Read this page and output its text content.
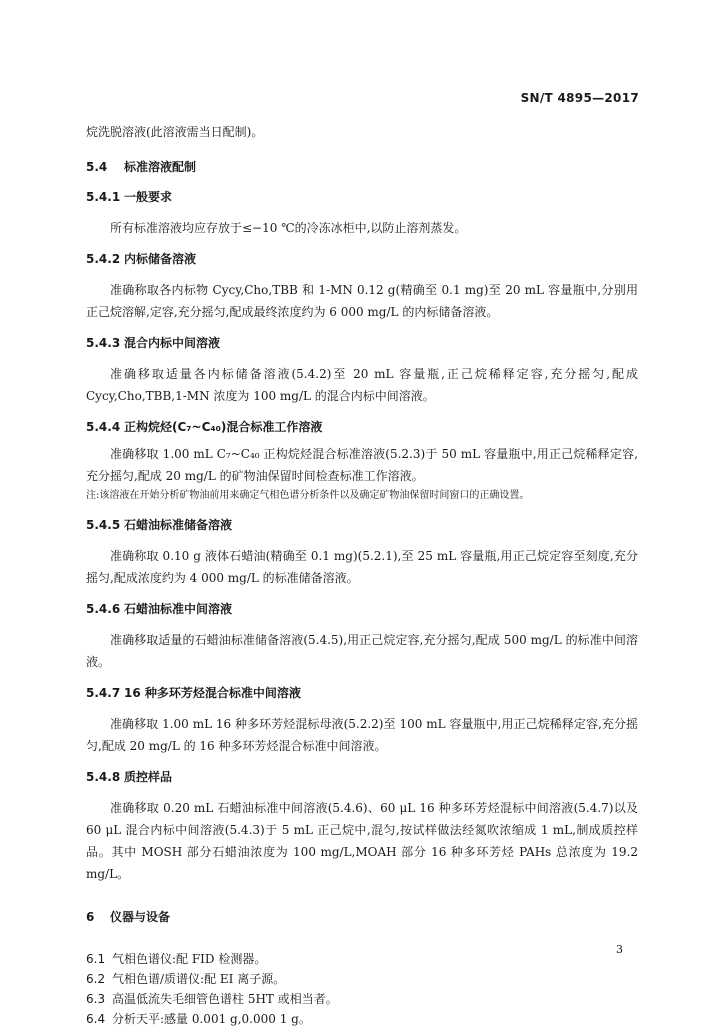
SN/T 4895—2017

烷洗脱溶液(此溶液需当日配制)。

5.4 标准溶液配制
5.4.1 一般要求

所有标准溶液均应存放于≤−10 ℃的冷冻冰柜中,以防止溶剂蒸发。

5.4.2 内标储备溶液

准确称取各内标物 Cycy,Cho,TBB 和 1-MN 0.12 g(精确至 0.1 mg)至 20 mL 容量瓶中,分别用正己烷溶解,定容,充分摇匀,配成最终浓度约为 6 000 mg/L 的内标储备溶液。

5.4.3 混合内标中间溶液

准确移取适量各内标储备溶液(5.4.2)至 20 mL 容量瓶,正己烷稀释定容,充分摇匀,配成 Cycy,Cho,TBB,1-MN 浓度为 100 mg/L 的混合内标中间溶液。

5.4.4 正构烷烃(C₇~C₄₀)混合标准工作溶液

准确移取 1.00 mL C₇~C₄₀ 正构烷烃混合标准溶液(5.2.3)于 50 mL 容量瓶中,用正己烷稀释定容,充分摇匀,配成 20 mg/L 的矿物油保留时间检查标准工作溶液。

注:该溶液在开始分析矿物油前用来确定气相色谱分析条件以及确定矿物油保留时间窗口的正确设置。

5.4.5 石蜡油标准储备溶液

准确称取 0.10 g 液体石蜡油(精确至 0.1 mg)(5.2.1),至 25 mL 容量瓶,用正己烷定容至刻度,充分摇匀,配成浓度约为 4 000 mg/L 的标准储备溶液。

5.4.6 石蜡油标准中间溶液

准确移取适量的石蜡油标准储备溶液(5.4.5),用正己烷定容,充分摇匀,配成 500 mg/L 的标准中间溶液。

5.4.7 16 种多环芳烃混合标准中间溶液

准确移取 1.00 mL 16 种多环芳烃混标母液(5.2.2)至 100 mL 容量瓶中,用正己烷稀释定容,充分摇匀,配成 20 mg/L 的 16 种多环芳烃混合标准中间溶液。

5.4.8 质控样品

准确移取 0.20 mL 石蜡油标准中间溶液(5.4.6)、60 μL 16 种多环芳烃混标中间溶液(5.4.7)以及 60 μL 混合内标中间溶液(5.4.3)于 5 mL 正己烷中,混匀,按试样做法经氮吹浓缩成 1 mL,制成质控样品。其中 MOSH 部分石蜡油浓度为 100 mg/L,MOAH 部分 16 种多环芳烃 PAHs 总浓度为 19.2 mg/L。

6 仪器与设备

6.1 气相色谱仪:配 FID 检测器。

6.2 气相色谱/质谱仪:配 EI 离子源。

6.3 高温低流失毛细管色谱柱 5HT 或相当者。

6.4 分析天平:感量 0.001 g,0.000 1 g。

3
